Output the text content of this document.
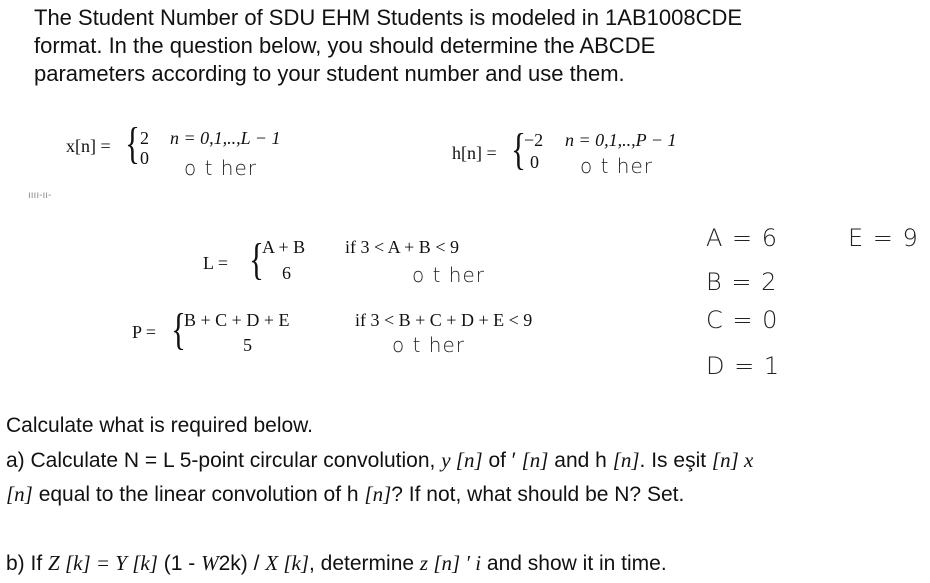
The Student Number of SDU EHM Students is modeled in 1AB1008CDE
format. In the question below, you should determine the ABCDE
parameters according to your student number and use them.
x[n] = { 2
0
n = 0,1,..,L − 1
o t her
h[n] = {
−2
0
n = 0,1,..,P − 1
o t her
ıııı-ıı-
L = {
A + B
6
if 3 < A + B < 9
o t her
P = {
B + C + D + E
5
if 3 < B + C + D + E < 9
o t her
A = 6	E = 9
B = 2
C = 0
D = 1
Calculate what is required below.
a) Calculate N = L 5-point circular convolution, y [n] of ′ [n] and h [n]. Is eşit [n] x
[n] equal to the linear convolution of h [n]? If not, what should be N? Set.
b) If Z [k] = Y [k] (1 - W2k) / X [k], determine z [n] ′ i and show it in time.
